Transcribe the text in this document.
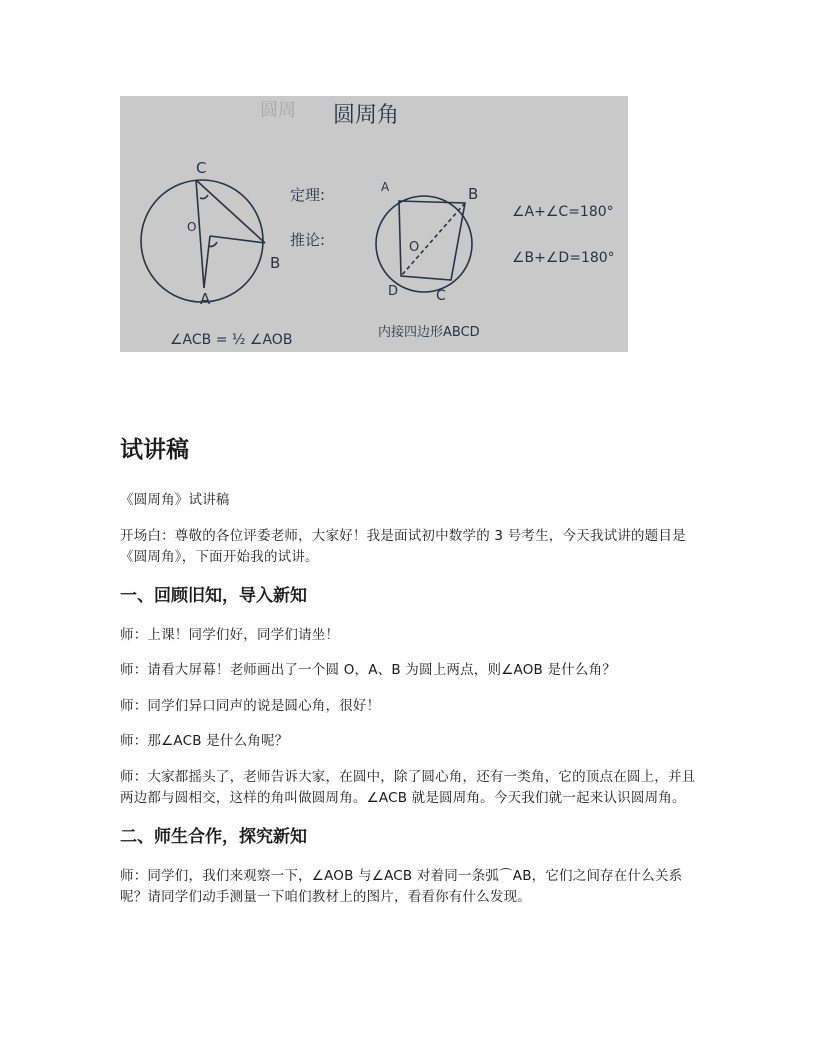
圆周 圆周角
C
O
B
A
∠ACB = ½ ∠AOB
定理:
推论:
A	B
O
D	C
内接四边形ABCD
∠A+∠C=180°
∠B+∠D=180°
试讲稿

《圆周角》试讲稿

开场白：尊敬的各位评委老师，大家好！我是面试初中数学的 3 号考生，今天我试讲的题目是《圆周角》，下面开始我的试讲。

一、回顾旧知，导入新知

师：上课！同学们好，同学们请坐！

师：请看大屏幕！老师画出了一个圆 O，A、B 为圆上两点，则∠AOB 是什么角？

师：同学们异口同声的说是圆心角，很好！

师：那∠ACB 是什么角呢？

师：大家都摇头了，老师告诉大家，在圆中，除了圆心角，还有一类角，它的顶点在圆上，并且两边都与圆相交，这样的角叫做圆周角。∠ACB 就是圆周角。今天我们就一起来认识圆周角。

二、师生合作，探究新知

师：同学们，我们来观察一下，∠AOB 与∠ACB 对着同一条弧⌒AB，它们之间存在什么关系呢？请同学们动手测量一下咱们教材上的图片，看看你有什么发现。
